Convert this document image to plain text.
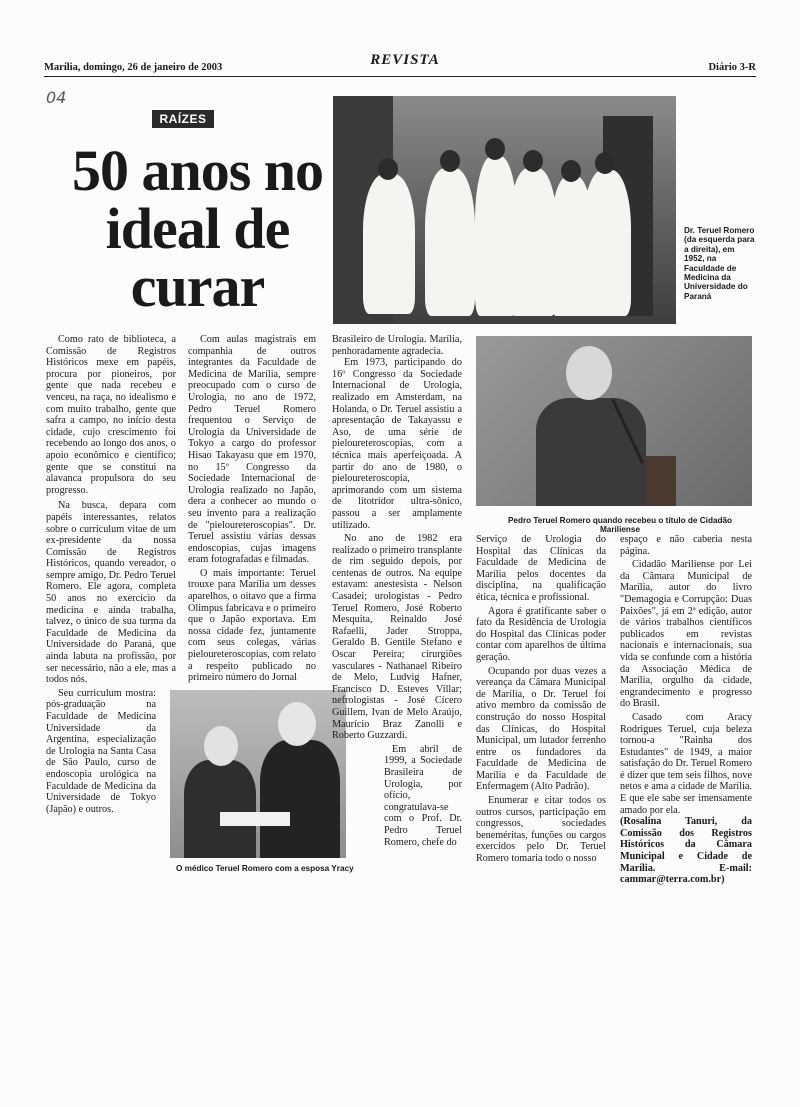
Marília, domingo, 26 de janeiro de 2003	REVISTA	Diário 3-R
04
RAÍZES
50 anos no ideal de curar
Dr. Teruel Romero (da esquerda para a direita), em 1952, na Faculdade de Medicina da Universidade do Paraná
Pedro Teruel Romero quando recebeu o título de Cidadão Mariliense
O médico Teruel Romero com a esposa Yracy

Como rato de biblioteca, a Comissão de Registros Históricos mexe em papéis, procura por pioneiros, por gente que nada recebeu e venceu, na raça, no idealismo e com muito trabalho, gente que safra a campo, no início desta cidade, cujo crescimento foi recebendo ao longo dos anos, o apoio econômico e científico; gente que se constitui na alavanca propulsora do seu progresso.

Na busca, depara com papéis interessantes, relatos sobre o curriculum vitae de um ex-presidente da nossa Comissão de Registros Históricos, quando vereador, o sempre amigo, Dr. Pedro Teruel Romero. Ele agora, completa 50 anos no exercício da medicina e ainda trabalha, talvez, o único de sua turma da Faculdade de Medicina da Universidade do Paraná, que ainda labuta na profissão, por ser necessário, não a ele, mas a todos nós.

Seu curriculum mostra: pós-graduação na Faculdade de Medicina Universidade da Argentina, especialização de Urologia na Santa Casa de São Paulo, curso de endoscopia urológica na Faculdade de Medicina da Universidade de Tokyo (Japão) e outros.

Com aulas magistrais em companhia de outros integrantes da Faculdade de Medicina de Marília, sempre preocupado com o curso de Urologia, no ano de 1972, Pedro Teruel Romero frequentou o Serviço de Urologia da Universidade de Tokyo a cargo do professor Hisao Takayasu que em 1970, no 15º Congresso da Sociedade Internacional de Urologia realizado no Japão, dera a conhecer ao mundo o seu invento para a realização de "pieloureteroscopias". Dr. Teruel assistiu várias dessas endoscopias, cujas imagens eram fotografadas e filmadas.

O mais importante: Teruel trouxe para Marília um desses aparelhos, o oitavo que a firma Olimpus fabricava e o primeiro que o Japão exportava. Em nossa cidade fez, juntamente com seus colegas, várias pieloureteroscopias, com relato a respeito publicado no primeiro número do Jornal

Brasileiro de Urologia. Marília, penhoradamente agradecia.

Em 1973, participando do 16º Congresso da Sociedade Internacional de Urologia, realizado em Amsterdam, na Holanda, o Dr. Teruel assistiu a apresentação de Takayassu e Aso, de uma série de pieloureteroscopias, com a técnica mais aperfeiçoada. A partir do ano de 1980, o pieloureteroscopia, aprimorando com um sistema de litotridor ultra-sônico, passou a ser amplamente utilizado.

No ano de 1982 era realizado o primeiro transplante de rim seguido depois, por centenas de outros. Na equipe estavam: anestesista - Nelson Casadei; urologistas - Pedro Teruel Romero, José Roberto Mesquita, Reinaldo José Rafaelli, Jader Stroppa, Geraldo B. Gentile Stefano e Oscar Pereira; cirurgiões vasculares - Nathanael Ribeiro de Melo, Ludvig Hafner, Francisco D. Esteves Villar; nefrologistas - José Cícero Guillem, Ivan de Melo Araújo, Maurício Braz Zanolli e Roberto Guzzardi.

Em abril de 1999, a Sociedade Brasileira de Urologia, por ofício, congratulava-se com o Prof. Dr. Pedro Teruel Romero, chefe do

Serviço de Urologia do Hospital das Clínicas da Faculdade de Medicina de Marília pelos docentes da disciplina, na qualificação ética, técnica e profissional.

Agora é gratificante saber o fato da Residência de Urologia do Hospital das Clínicas poder contar com aparelhos de última geração.

Ocupando por duas vezes a vereança da Câmara Municipal de Marília, o Dr. Teruel foi ativo membro da comissão de construção do nosso Hospital das Clínicas, do Hospital Municipal, um lutador ferrenho entre os fundadores da Faculdade de Medicina de Marília e da Faculdade de Enfermagem (Alto Padrão).

Enumerar e citar todos os outros cursos, participação em congressos, sociedades beneméritas, funções ou cargos exercidos pelo Dr. Teruel Romero tomaria todo o nosso

espaço e não caberia nesta página.

Cidadão Mariliense por Lei da Câmara Municipal de Marília, autor do livro "Demagogia e Corrupção: Duas Paixões", já em 2ª edição, autor de vários trabalhos científicos publicados em revistas nacionais e internacionais, sua vida se confunde com a história da Associação Médica de Marília, orgulho da cidade, engrandecimento e progresso do Brasil.

Casado com Aracy Rodrigues Teruel, cuja beleza tornou-a "Rainha dos Estudantes" de 1949, a maior satisfação do Dr. Teruel Romero é dizer que tem seis filhos, nove netos e ama a cidade de Marília. E que ele sabe ser imensamente amado por ela.

(Rosalina Tanuri, da Comissão dos Registros Históricos da Câmara Municipal e Cidade de Marília. E-mail: cammar@terra.com.br)
